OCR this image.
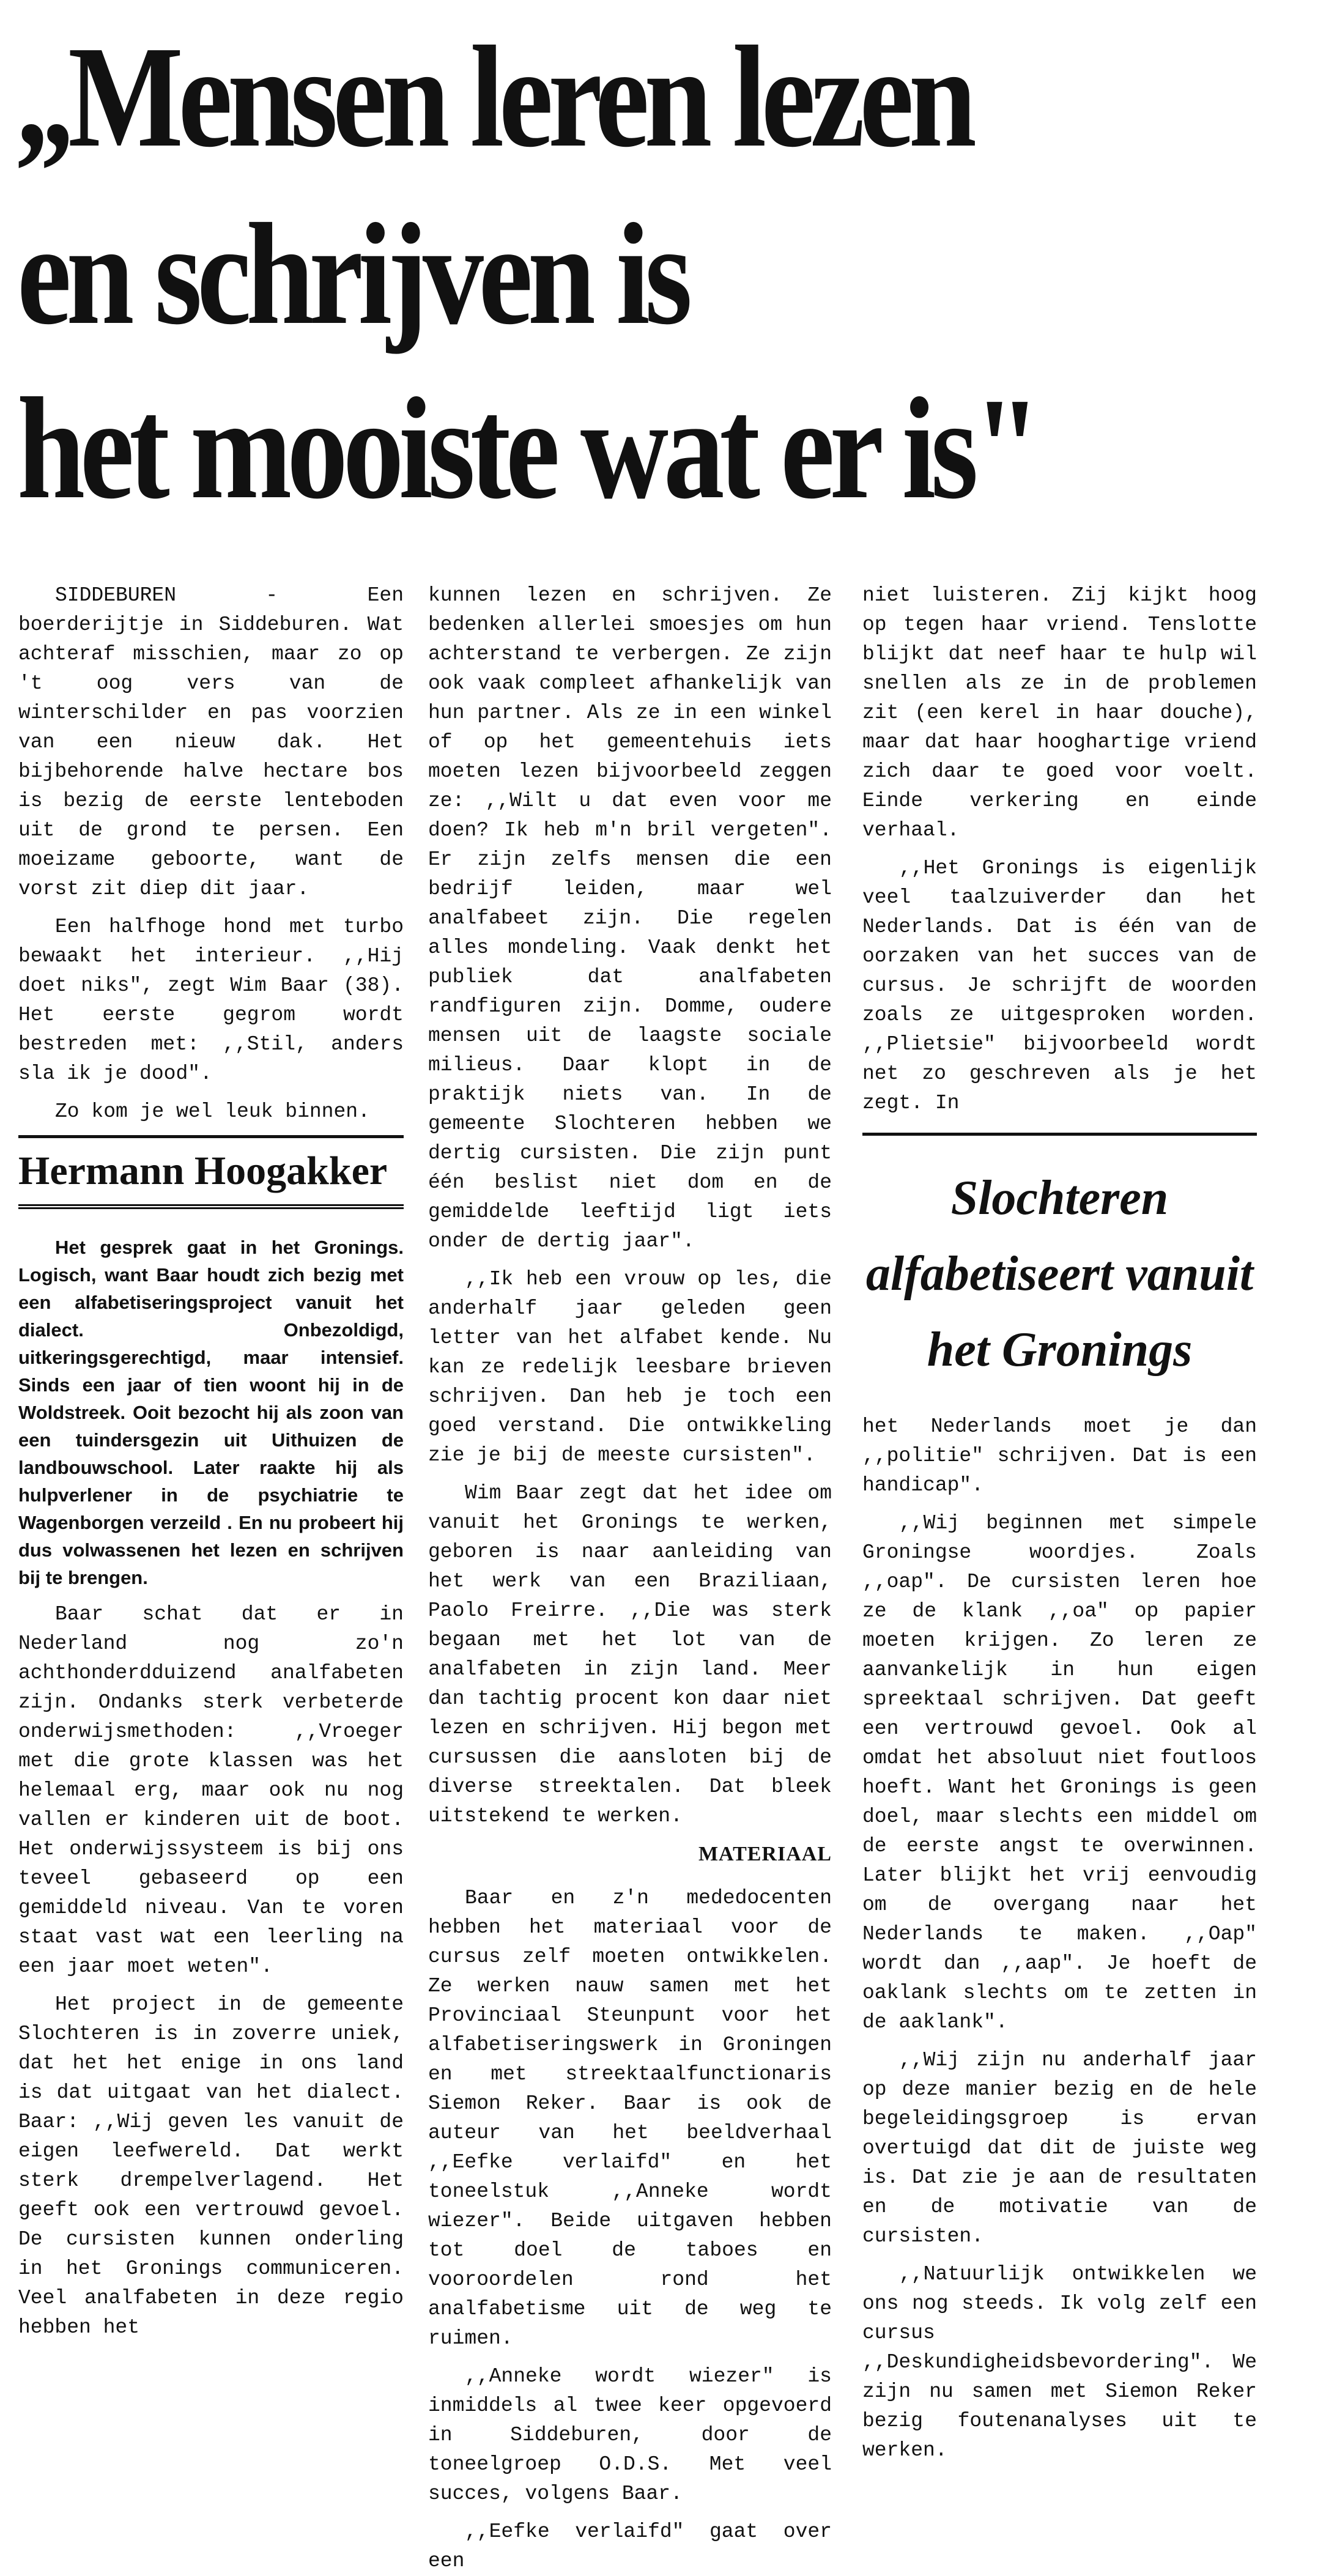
,,Mensen leren lezen
en schrijven is
het mooiste wat er is"

SIDDEBUREN - Een boerderijtje in Siddeburen. Wat achteraf misschien, maar zo op 't oog vers van de winterschilder en pas voorzien van een nieuw dak. Het bijbehorende halve hectare bos is bezig de eerste lenteboden uit de grond te persen. Een moeizame geboorte, want de vorst zit diep dit jaar.

Een halfhoge hond met turbo bewaakt het interieur. ,,Hij doet niks", zegt Wim Baar (38). Het eerste gegrom wordt bestreden met: ,,Stil, anders sla ik je dood".

Zo kom je wel leuk binnen.

Hermann Hoogakker

Het gesprek gaat in het Gronings. Logisch, want Baar houdt zich bezig met een alfabetiseringsproject vanuit het dialect. Onbezoldigd, uitkeringsgerechtigd, maar intensief. Sinds een jaar of tien woont hij in de Woldstreek. Ooit bezocht hij als zoon van een tuindersgezin uit Uithuizen de landbouwschool. Later raakte hij als hulpverlener in de psychiatrie te Wagenborgen verzeild . En nu probeert hij dus volwassenen het lezen en schrijven bij te brengen.

Baar schat dat er in Nederland nog zo'n achthonderdduizend analfabeten zijn. Ondanks sterk verbeterde onderwijsmethoden: ,,Vroeger met die grote klassen was het helemaal erg, maar ook nu nog vallen er kinderen uit de boot. Het onderwijssysteem is bij ons teveel gebaseerd op een gemiddeld niveau. Van te voren staat vast wat een leerling na een jaar moet weten".

Het project in de gemeente Slochteren is in zoverre uniek, dat het het enige in ons land is dat uitgaat van het dialect. Baar: ,,Wij geven les vanuit de eigen leefwereld. Dat werkt sterk drempelverlagend. Het geeft ook een vertrouwd gevoel. De cursisten kunnen onderling in het Gronings communiceren. Veel analfabeten in deze regio hebben het

kunnen lezen en schrijven. Ze bedenken allerlei smoesjes om hun achterstand te verbergen. Ze zijn ook vaak compleet afhankelijk van hun partner. Als ze in een winkel of op het gemeentehuis iets moeten lezen bijvoorbeeld zeggen ze: ,,Wilt u dat even voor me doen? Ik heb m'n bril vergeten". Er zijn zelfs mensen die een bedrijf leiden, maar wel analfabeet zijn. Die regelen alles mondeling. Vaak denkt het publiek dat analfabeten randfiguren zijn. Domme, oudere mensen uit de laagste sociale milieus. Daar klopt in de praktijk niets van. In de gemeente Slochteren hebben we dertig cursisten. Die zijn punt één beslist niet dom en de gemiddelde leeftijd ligt iets onder de dertig jaar".

,,Ik heb een vrouw op les, die anderhalf jaar geleden geen letter van het alfabet kende. Nu kan ze redelijk leesbare brieven schrijven. Dan heb je toch een goed verstand. Die ontwikkeling zie je bij de meeste cursisten".

Wim Baar zegt dat het idee om vanuit het Gronings te werken, geboren is naar aanleiding van het werk van een Braziliaan, Paolo Freirre. ,,Die was sterk begaan met het lot van de analfabeten in zijn land. Meer dan tachtig procent kon daar niet lezen en schrijven. Hij begon met cursussen die aansloten bij de diverse streektalen. Dat bleek uitstekend te werken.

MATERIAAL

Baar en z'n mededocenten hebben het materiaal voor de cursus zelf moeten ontwikkelen. Ze werken nauw samen met het Provinciaal Steunpunt voor het alfabetiseringswerk in Groningen en met streektaalfunctionaris Siemon Reker. Baar is ook de auteur van het beeldverhaal ,,Eefke verlaifd" en het toneelstuk ,,Anneke wordt wiezer". Beide uitgaven hebben tot doel de taboes en vooroordelen rond het analfabetisme uit de weg te ruimen.

,,Anneke wordt wiezer" is inmiddels al twee keer opgevoerd in Siddeburen, door de toneelgroep O.D.S. Met veel succes, volgens Baar.

,,Eefke verlaifd" gaat over een

niet luisteren. Zij kijkt hoog op tegen haar vriend. Tenslotte blijkt dat neef haar te hulp wil snellen als ze in de problemen zit (een kerel in haar douche), maar dat haar hooghartige vriend zich daar te goed voor voelt. Einde verkering en einde verhaal.

,,Het Gronings is eigenlijk veel taalzuiverder dan het Nederlands. Dat is één van de oorzaken van het succes van de cursus. Je schrijft de woorden zoals ze uitgesproken worden. ,,Plietsie" bijvoorbeeld wordt net zo geschreven als je het zegt. In

Slochteren alfabetiseert vanuit het Gronings

het Nederlands moet je dan ,,politie" schrijven. Dat is een handicap".

,,Wij beginnen met simpele Groningse woordjes. Zoals ,,oap". De cursisten leren hoe ze de klank ,,oa" op papier moeten krijgen. Zo leren ze aanvankelijk in hun eigen spreektaal schrijven. Dat geeft een vertrouwd gevoel. Ook al omdat het absoluut niet foutloos hoeft. Want het Gronings is geen doel, maar slechts een middel om de eerste angst te overwinnen. Later blijkt het vrij eenvoudig om de overgang naar het Nederlands te maken. ,,Oap" wordt dan ,,aap". Je hoeft de oaklank slechts om te zetten in de aaklank".

,,Wij zijn nu anderhalf jaar op deze manier bezig en de hele begeleidingsgroep is ervan overtuigd dat dit de juiste weg is. Dat zie je aan de resultaten en de motivatie van de cursisten.

,,Natuurlijk ontwikkelen we ons nog steeds. Ik volg zelf een cursus ,,Deskundigheidsbevordering". We zijn nu samen met Siemon Reker bezig foutenanalyses uit te werken.
